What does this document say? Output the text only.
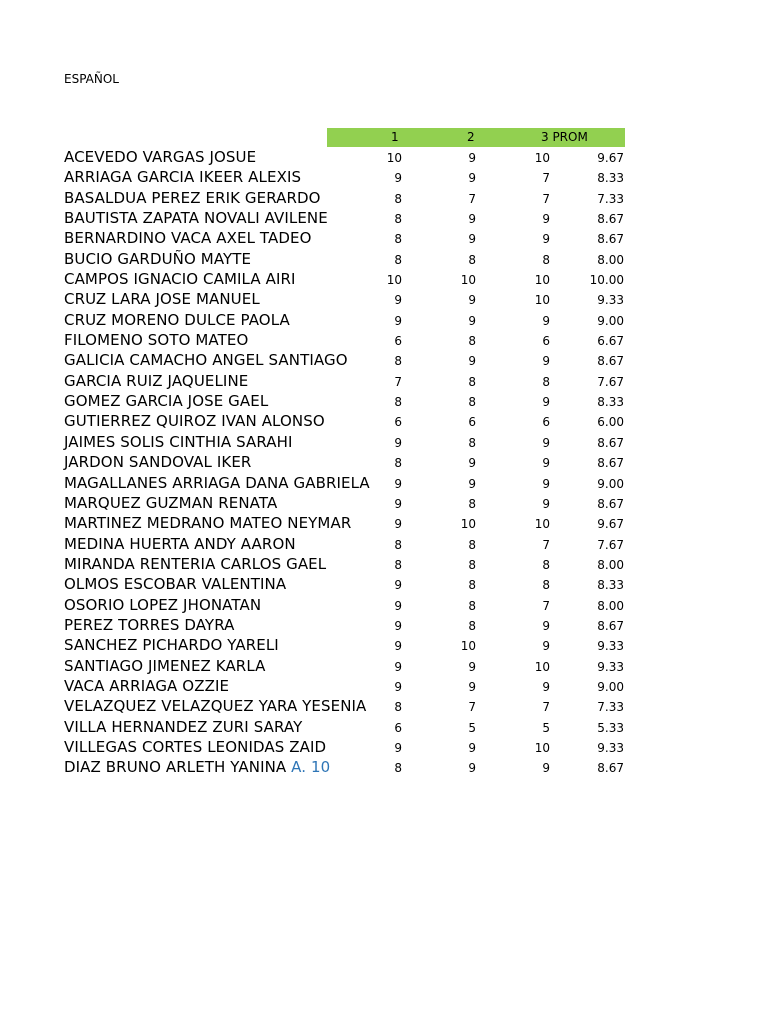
ESPAÑOL
1	2	3 PROM
ACEVEDO VARGAS JOSUE	10	9	10	9.67
ARRIAGA GARCIA IKEER ALEXIS	9	9	7	8.33
BASALDUA PEREZ ERIK GERARDO	8	7	7	7.33
BAUTISTA ZAPATA NOVALI AVILENE	8	9	9	8.67
BERNARDINO VACA AXEL TADEO	8	9	9	8.67
BUCIO GARDUÑO MAYTE	8	8	8	8.00
CAMPOS IGNACIO CAMILA AIRI	10	10	10	10.00
CRUZ LARA JOSE MANUEL	9	9	10	9.33
CRUZ MORENO DULCE PAOLA	9	9	9	9.00
FILOMENO SOTO MATEO	6	8	6	6.67
GALICIA CAMACHO ANGEL SANTIAGO	8	9	9	8.67
GARCIA RUIZ JAQUELINE	7	8	8	7.67
GOMEZ GARCIA JOSE GAEL	8	8	9	8.33
GUTIERREZ QUIROZ IVAN ALONSO	6	6	6	6.00
JAIMES SOLIS CINTHIA SARAHI	9	8	9	8.67
JARDON SANDOVAL IKER	8	9	9	8.67
MAGALLANES ARRIAGA DANA GABRIELA	9	9	9	9.00
MARQUEZ GUZMAN RENATA	9	8	9	8.67
MARTINEZ MEDRANO MATEO NEYMAR	9	10	10	9.67
MEDINA HUERTA ANDY AARON	8	8	7	7.67
MIRANDA RENTERIA CARLOS GAEL	8	8	8	8.00
OLMOS ESCOBAR VALENTINA	9	8	8	8.33
OSORIO LOPEZ JHONATAN	9	8	7	8.00
PEREZ TORRES DAYRA	9	8	9	8.67
SANCHEZ PICHARDO YARELI	9	10	9	9.33
SANTIAGO JIMENEZ KARLA	9	9	10	9.33
VACA ARRIAGA OZZIE	9	9	9	9.00
VELAZQUEZ VELAZQUEZ YARA YESENIA	8	7	7	7.33
VILLA HERNANDEZ ZURI SARAY	6	5	5	5.33
VILLEGAS CORTES LEONIDAS ZAID	9	9	10	9.33
DIAZ BRUNO ARLETH YANINA A. 10	8	9	9	8.67
